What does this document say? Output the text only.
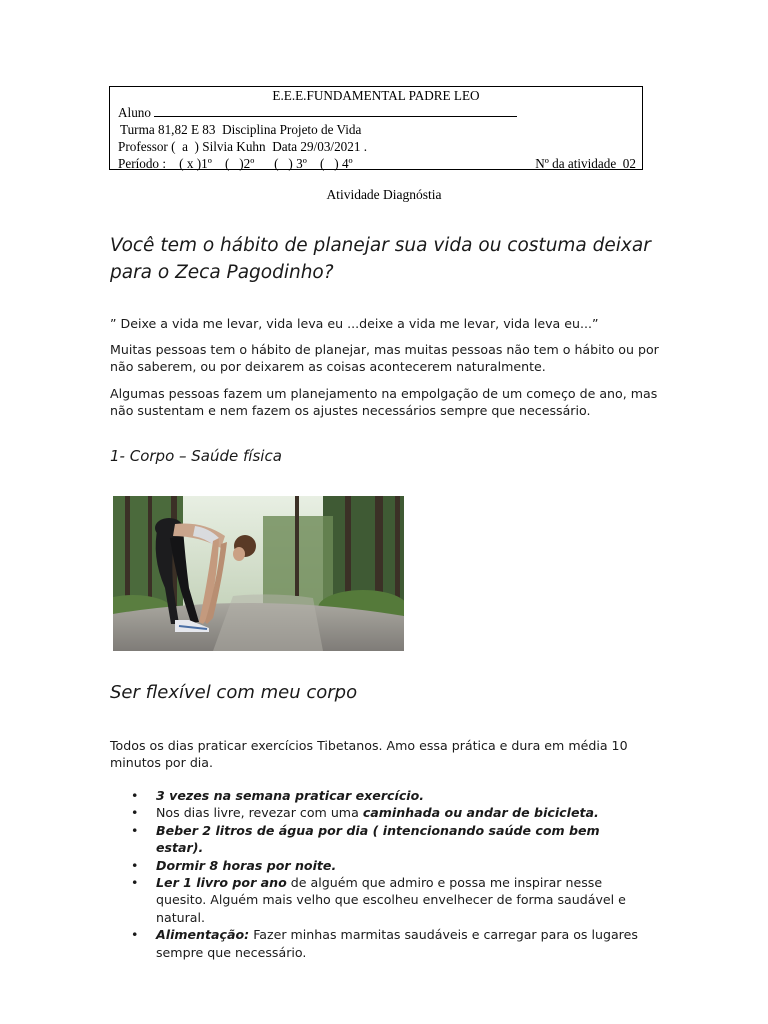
E.E.E.FUNDAMENTAL PADRE LEO
Aluno
Turma 81,82 E 83  Disciplina Projeto de Vida
Professor (  a  ) Silvia Kuhn  Data 29/03/2021 .
Período :    ( x )1º    (   )2º      (   ) 3º    (   ) 4º	Nº da atividade  02
Atividade Diagnóstia
Você tem o hábito de planejar sua vida ou costuma deixar para o Zeca Pagodinho?

” Deixe a vida me levar, vida leva eu ...deixe a vida me levar, vida leva eu...”

Muitas pessoas tem o hábito de planejar, mas muitas pessoas não tem o hábito ou por não saberem, ou por deixarem as coisas acontecerem naturalmente.

Algumas pessoas fazem um planejamento na empolgação de um começo de ano, mas não sustentam e nem fazem os ajustes necessários sempre que necessário.

1- Corpo – Saúde física
Ser flexível com meu corpo

Todos os dias praticar exercícios Tibetanos. Amo essa prática e dura em média 10 minutos por dia.

• 3 vezes na semana praticar exercício.
• Nos dias livre, revezar com uma caminhada ou andar de bicicleta.
• Beber 2 litros de água por dia ( intencionando saúde com bem estar).
• Dormir 8 horas por noite.
• Ler 1 livro por ano de alguém que admiro e possa me inspirar nesse quesito. Alguém mais velho que escolheu envelhecer de forma saudável e natural.
• Alimentação: Fazer minhas marmitas saudáveis e carregar para os lugares sempre que necessário.
